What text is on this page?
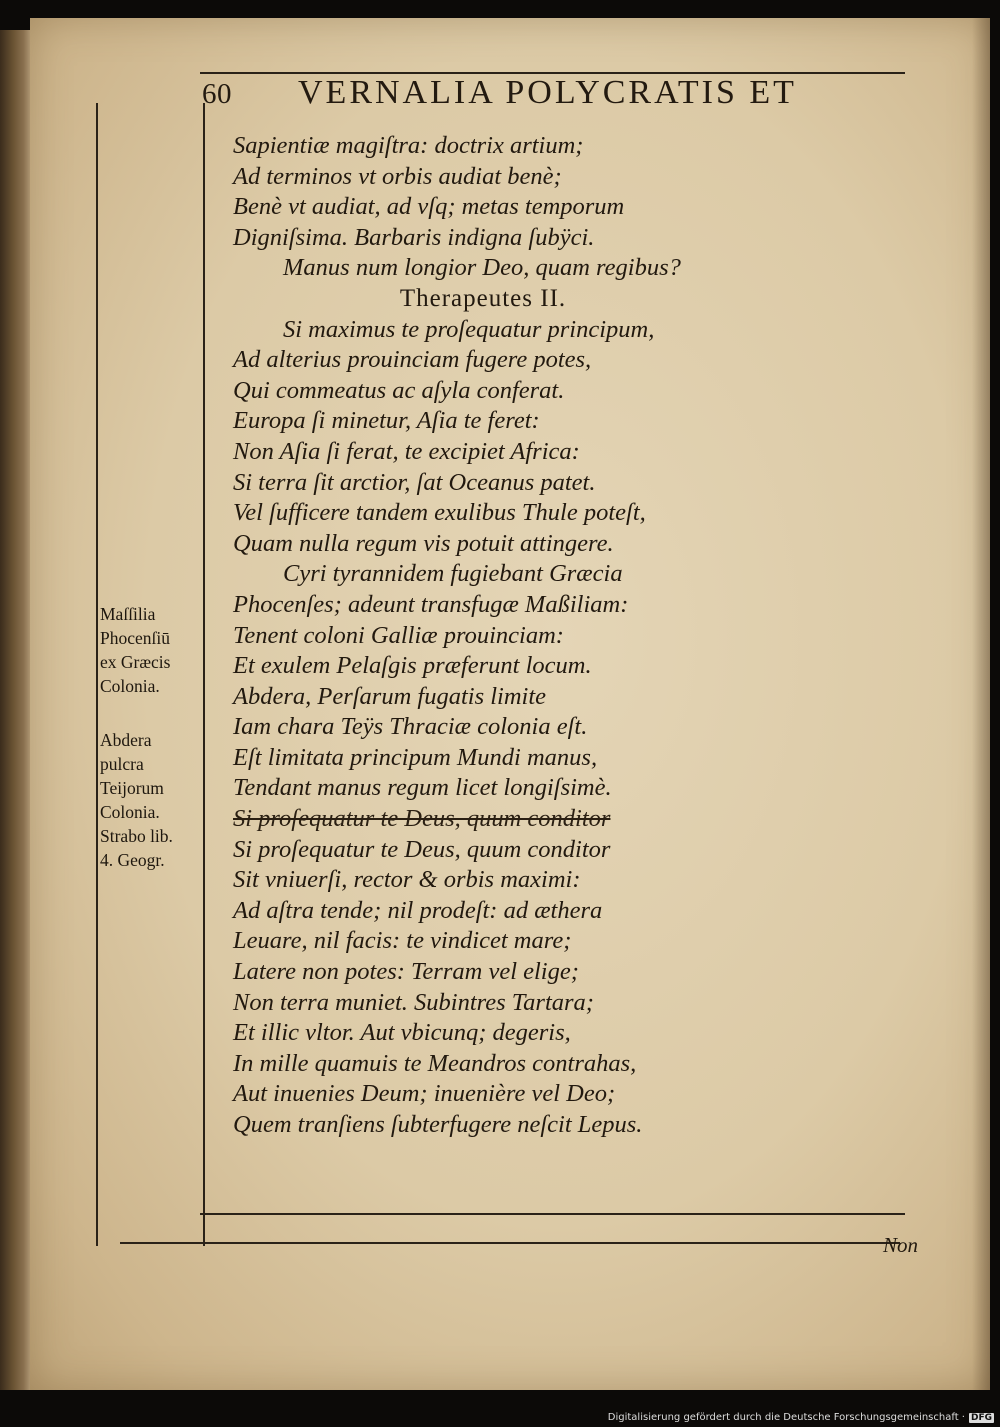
60 VERNALIA POLYCRATIS ET
Sapientiæ magiſtra: doctrix artium;
Ad terminos vt orbis audiat benè;
Benè vt audiat, ad vſq; metas temporum
Digniſsima. Barbaris indigna ſubÿci.
Manus num longior Deo, quam regibus?
Therapeutes II.
Si maximus te proſequatur principum,
Ad alterius prouinciam fugere potes,
Qui commeatus ac aſyla conferat.
Europa ſi minetur, Aſia te feret:
Non Aſia ſi ferat, te excipiet Africa:
Si terra ſit arctior, ſat Oceanus patet.
Vel ſufficere tandem exulibus Thule poteſt,
Quam nulla regum vis potuit attingere.
Cyri tyrannidem fugiebant Græcia
Phocenſes; adeunt transfugæ Maßiliam:
Tenent coloni Galliæ prouinciam:
Et exulem Pelaſgis præferunt locum.
Abdera, Perſarum fugatis limite
Iam chara Teÿs Thraciæ colonia eſt.
Eſt limitata principum Mundi manus,
Tendant manus regum licet longiſsimè.
Si proſequatur te Deus, quum conditor
Si proſequatur te Deus, quum conditor
Sit vniuerſi, rector & orbis maximi:
Ad aſtra tende; nil prodeſt: ad æthera
Leuare, nil facis: te vindicet mare;
Latere non potes: Terram vel elige;
Non terra muniet. Subintres Tartara;
Et illic vltor. Aut vbicunq; degeris,
In mille quamuis te Meandros contrahas,
Aut inuenies Deum; inuenière vel Deo;
Quem tranſiens ſubterfugere neſcit Lepus.
Maſſilia
Phocenſiū
ex Græcis
Colonia.
Abdera
pulcra
Teijorum
Colonia.
Strabo lib.
4. Geogr.
Non
Digitalisierung gefördert durch die Deutsche Forschungsgemeinschaft · DFG
